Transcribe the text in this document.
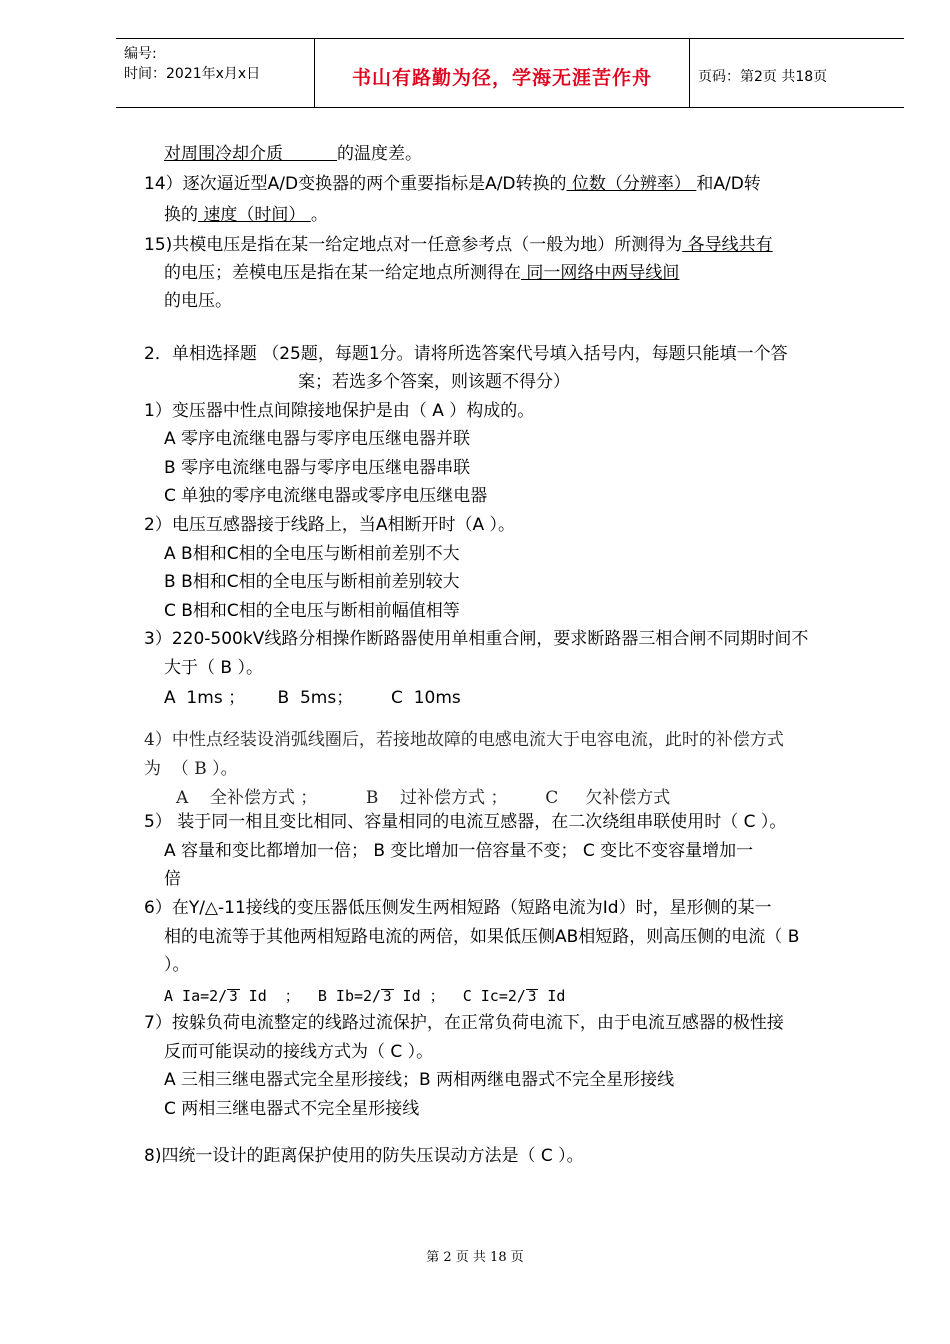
编号:
时间：2021年x月x日	书山有路勤为径，学海无涯苦作舟	页码：第2页 共18页
对周围冷却介质	的温度差。
14）逐次逼近型A/D变换器的两个重要指标是A/D转换的 位数（分辨率） 和A/D转
换的 速度（时间） 。
15)共模电压是指在某一给定地点对一任意参考点（一般为地）所测得为 各导线共有
的电压；差模电压是指在某一给定地点所测得在 同一网络中两导线间
的电压。
2．单相选择题 （25题，每题1分。请将所选答案代号填入括号内，每题只能填一个答
案；若选多个答案，则该题不得分）
1）变压器中性点间隙接地保护是由（ A ）构成的。
A 零序电流继电器与零序电压继电器并联
B 零序电流继电器与零序电压继电器串联
C 单独的零序电流继电器或零序电压继电器
2）电压互感器接于线路上，当A相断开时（A ）。
A B相和C相的全电压与断相前差别不大
B B相和C相的全电压与断相前差别较大
C B相和C相的全电压与断相前幅值相等
3）220-500kV线路分相操作断路器使用单相重合闸，要求断路器三相合闸不同期时间不
大于（ B ）。
A  1ms ；      B  5ms；       C  10ms
4）中性点经装设消弧线圈后，若接地故障的电感电流大于电容电流，此时的补偿方式
为  （ B ）。
A    全补偿方式 ；         B    过补偿方式 ；       C     欠补偿方式
5） 装于同一相且变比相同、容量相同的电流互感器，在二次绕组串联使用时（ C ）。
A 容量和变比都增加一倍； B 变比增加一倍容量不变； C 变比不变容量增加一
倍
6）在Y/△-11接线的变压器低压侧发生两相短路（短路电流为Id）时，星形侧的某一
相的电流等于其他两相短路电流的两倍，如果低压侧AB相短路，则高压侧的电流（ B
）。
A Ia=2/ 3 Id  ；  B Ib=2/ 3 Id ；  C Ic=2/ 3 Id
7）按躲负荷电流整定的线路过流保护，在正常负荷电流下，由于电流互感器的极性接
反而可能误动的接线方式为（ C ）。
A 三相三继电器式完全星形接线；B 两相两继电器式不完全星形接线
C 两相三继电器式不完全星形接线
8)四统一设计的距离保护使用的防失压误动方法是（ C ）。
第 2 页 共 18 页
